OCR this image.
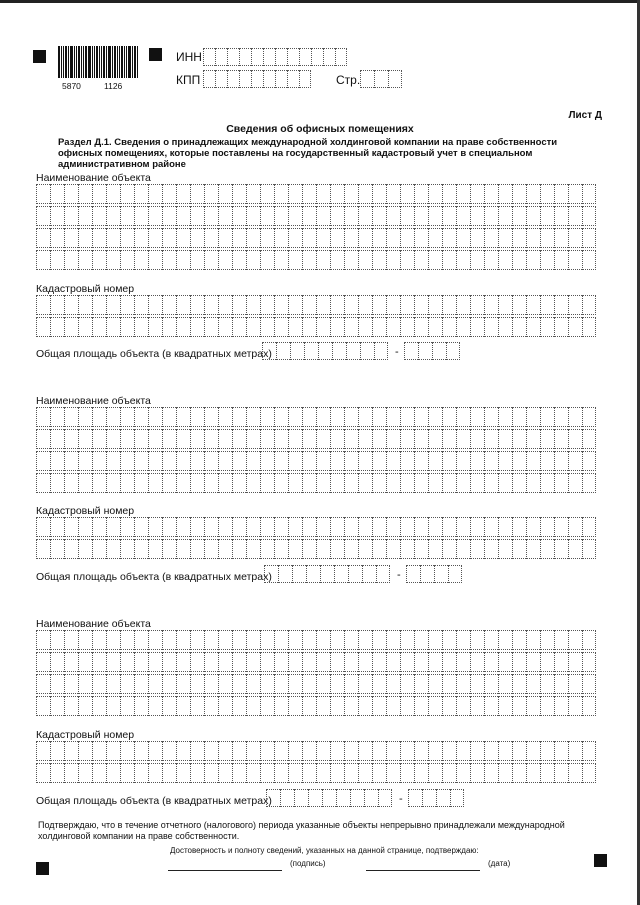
5870	1126
ИНН
КПП	Стр.
Лист Д
Сведения об офисных помещениях
Раздел Д.1. Сведения о принадлежащих международной холдинговой компании на праве собственности офисных помещениях, которые поставлены на государственный кадастровый учет в специальном административном районе
Наименование объекта
Кадастровый номер
Общая площадь объекта (в квадратных метрах)	-
Наименование объекта
Кадастровый номер
Общая площадь объекта (в квадратных метрах)	-
Наименование объекта
Кадастровый номер
Общая площадь объекта (в квадратных метрах)	-
Подтверждаю, что в течение отчетного (налогового) периода указанные объекты непрерывно принадлежали международной холдинговой компании на праве собственности.
Достоверность и полноту сведений, указанных на данной странице, подтверждаю:
(подпись)	(дата)
